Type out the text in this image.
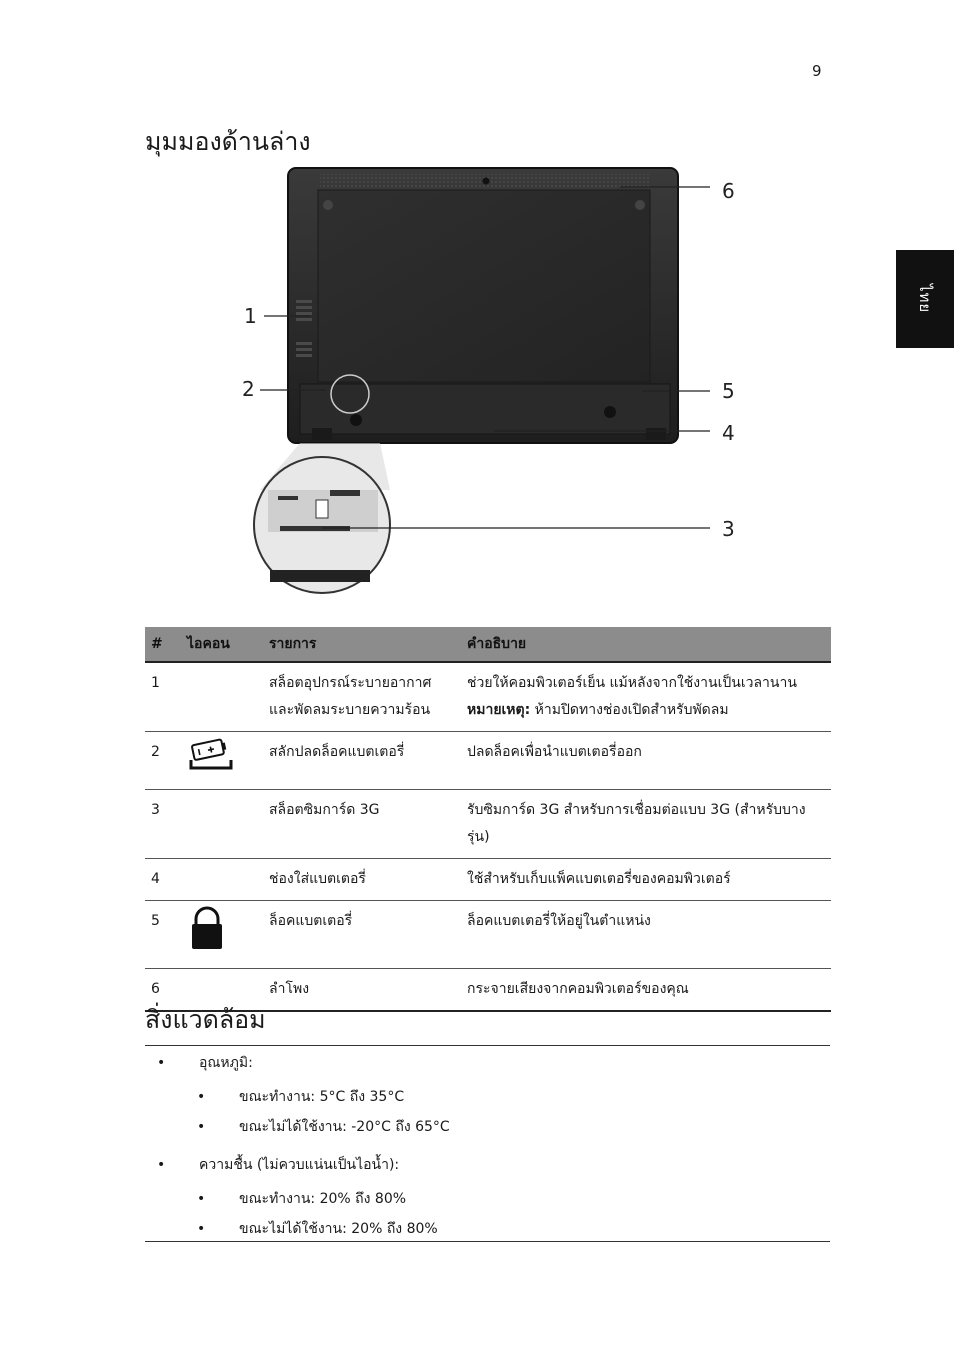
9
ไทย
มุมมองด้านล่าง
1
2
3
4
5
6
#	ไอคอน	รายการ	คำอธิบาย
1		สล็อตอุปกรณ์ระบายอากาศและพัดลมระบายความร้อน	ช่วยให้คอมพิวเตอร์เย็น แม้หลังจากใช้งานเป็นเวลานาน
หมายเหตุ: ห้ามปิดทางช่องเปิดสำหรับพัดลม

2		สลักปลดล็อคแบตเตอรี่	ปลดล็อคเพื่อนำแบตเตอรี่ออก
3		สล็อตซิมการ์ด 3G	รับซิมการ์ด 3G สำหรับการเชื่อมต่อแบบ 3G (สำหรับบางรุ่น)
4		ช่องใส่แบตเตอรี่	ใช้สำหรับเก็บแพ็คแบตเตอรี่ของคอมพิวเตอร์
5		ล็อคแบตเตอรี่	ล็อคแบตเตอรี่ให้อยู่ในตำแหน่ง
6		ลำโพง	กระจายเสียงจากคอมพิวเตอร์ของคุณ
สิ่งแวดล้อม
• อุณหภูมิ:
• ขณะทำงาน: 5°C ถึง 35°C
• ขณะไม่ได้ใช้งาน: -20°C ถึง 65°C
• ความชื้น (ไม่ควบแน่นเป็นไอน้ำ):
• ขณะทำงาน: 20% ถึง 80%
• ขณะไม่ได้ใช้งาน: 20% ถึง 80%
